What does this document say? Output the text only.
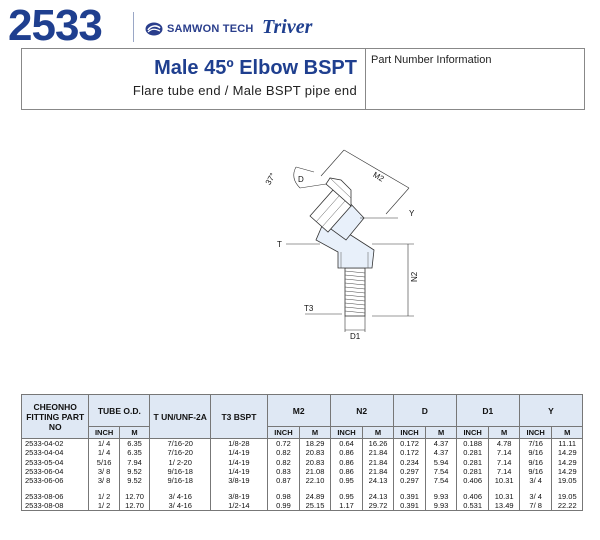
2533	SAMWON TECH Triver
Male 45º Elbow BSPT
Flare tube end / Male BSPT pipe end
Part Number Information
37°	D	M2
Y
T
N2
T3
D1
CHEONHO FITTING PART NO	TUBE O.D.		T UN/UNF-2A	T3 BSPT	M2		N2		D		D1		Y	
	INCH	M			INCH	M	INCH	M	INCH	M	INCH	M	INCH	M
2533-04-02	1/ 4	6.35	7/16-20	1/8-28	0.72	18.29	0.64	16.26	0.172	4.37	0.188	4.78	7/16	11.11
2533-04-04	1/ 4	6.35	7/16-20	1/4-19	0.82	20.83	0.86	21.84	0.172	4.37	0.281	7.14	9/16	14.29
2533-05-04	5/16	7.94	1/ 2-20	1/4-19	0.82	20.83	0.86	21.84	0.234	5.94	0.281	7.14	9/16	14.29
2533-06-04	3/ 8	9.52	9/16-18	1/4-19	0.83	21.08	0.86	21.84	0.297	7.54	0.281	7.14	9/16	14.29
2533-06-06	3/ 8	9.52	9/16-18	3/8-19	0.87	22.10	0.95	24.13	0.297	7.54	0.406	10.31	3/ 4	19.05

2533-08-06	1/ 2	12.70	3/ 4-16	3/8-19	0.98	24.89	0.95	24.13	0.391	9.93	0.406	10.31	3/ 4	19.05
2533-08-08	1/ 2	12.70	3/ 4-16	1/2-14	0.99	25.15	1.17	29.72	0.391	9.93	0.531	13.49	7/ 8	22.22
